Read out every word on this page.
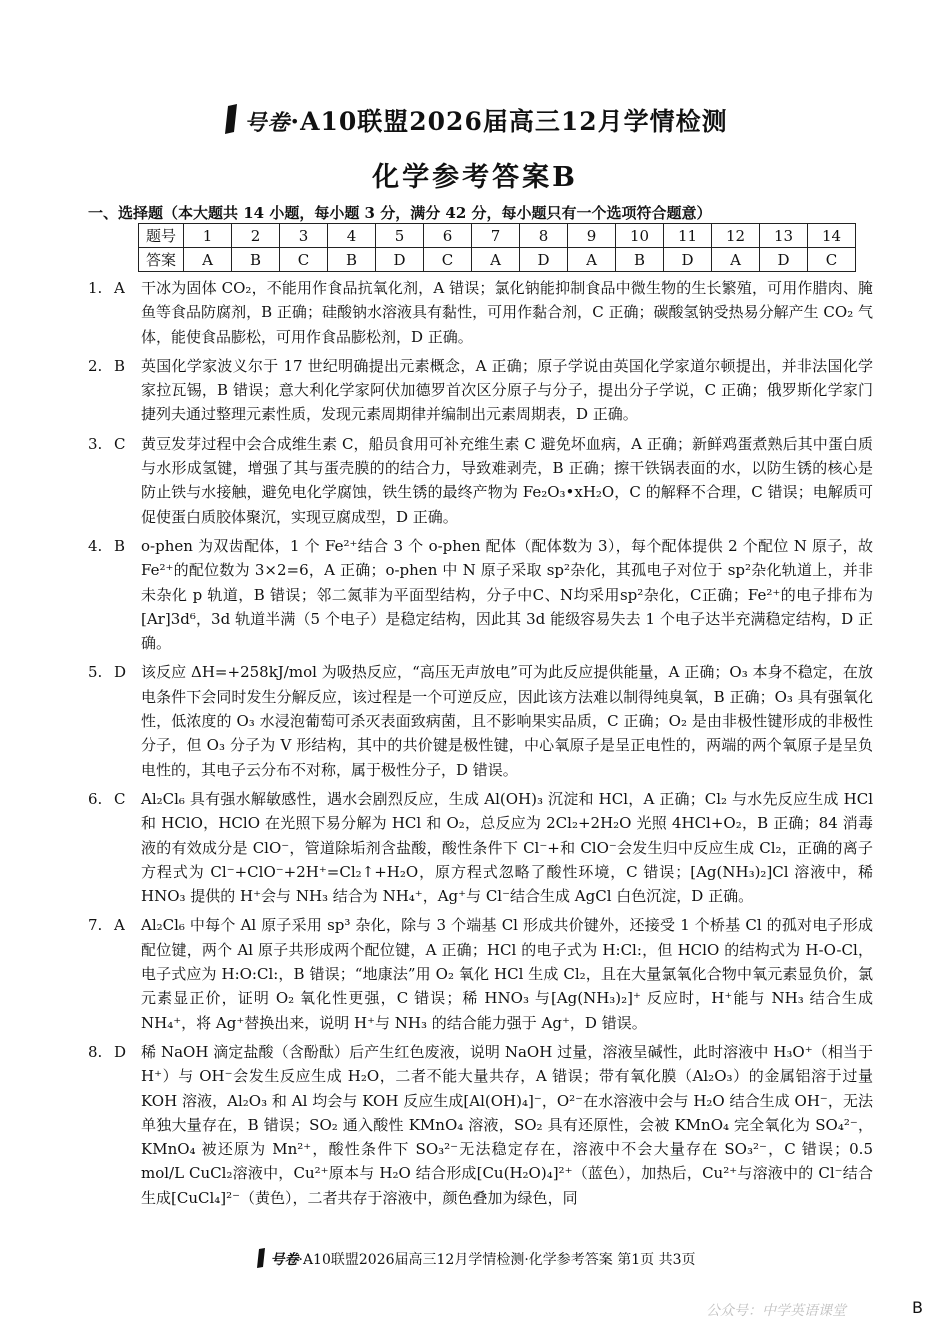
号卷·A10联盟2026届高三12月学情检测
化学参考答案B
一、选择题（本大题共 14 小题，每小题 3 分，满分 42 分，每小题只有一个选项符合题意）
题号	1	2	3	4	5	6	7	8	9	10	11	12	13	14
答案	A	B	C	B	D	C	A	D	A	B	D	A	D	C
1. A 干冰为固体 CO₂，不能用作食品抗氧化剂，A 错误；氯化钠能抑制食品中微生物的生长繁殖，可用作腊肉、腌鱼等食品防腐剂，B 正确；硅酸钠水溶液具有黏性，可用作黏合剂，C 正确；碳酸氢钠受热易分解产生 CO₂ 气体，能使食品膨松，可用作食品膨松剂，D 正确。
2. B 英国化学家波义尔于 17 世纪明确提出元素概念，A 正确；原子学说由英国化学家道尔顿提出，并非法国化学家拉瓦锡，B 错误；意大利化学家阿伏加德罗首次区分原子与分子，提出分子学说，C 正确；俄罗斯化学家门捷列夫通过整理元素性质，发现元素周期律并编制出元素周期表，D 正确。
3. C 黄豆发芽过程中会合成维生素 C，船员食用可补充维生素 C 避免坏血病，A 正确；新鲜鸡蛋煮熟后其中蛋白质与水形成氢键，增强了其与蛋壳膜的的结合力，导致难剥壳，B 正确；擦干铁锅表面的水，以防生锈的核心是防止铁与水接触，避免电化学腐蚀，铁生锈的最终产物为 Fe₂O₃•xH₂O，C 的解释不合理，C 错误；电解质可促使蛋白质胶体聚沉，实现豆腐成型，D 正确。
4. B o-phen 为双齿配体，1 个 Fe²⁺结合 3 个 o-phen 配体（配体数为 3），每个配体提供 2 个配位 N 原子，故 Fe²⁺的配位数为 3×2=6，A 正确；o-phen 中 N 原子采取 sp²杂化，其孤电子对位于 sp²杂化轨道上，并非未杂化 p 轨道，B 错误；邻二氮菲为平面型结构，分子中C、N均采用sp²杂化，C正确；Fe²⁺的电子排布为[Ar]3d⁶，3d 轨道半满（5 个电子）是稳定结构，因此其 3d 能级容易失去 1 个电子达半充满稳定结构，D 正确。
5. D 该反应 ΔH=+258kJ/mol 为吸热反应，“高压无声放电”可为此反应提供能量，A 正确；O₃ 本身不稳定，在放电条件下会同时发生分解反应，该过程是一个可逆反应，因此该方法难以制得纯臭氧，B 正确；O₃ 具有强氧化性，低浓度的 O₃ 水浸泡葡萄可杀灭表面致病菌，且不影响果实品质，C 正确；O₂ 是由非极性键形成的非极性分子，但 O₃ 分子为 V 形结构，其中的共价键是极性键，中心氧原子是呈正电性的，两端的两个氧原子是呈负电性的，其电子云分布不对称，属于极性分子，D 错误。
6. C Al₂Cl₆ 具有强水解敏感性，遇水会剧烈反应，生成 Al(OH)₃ 沉淀和 HCl，A 正确；Cl₂ 与水先反应生成 HCl 和 HClO，HClO 在光照下易分解为 HCl 和 O₂，总反应为 2Cl₂+2H₂O 光照 4HCl+O₂，B 正确；84 消毒液的有效成分是 ClO⁻，管道除垢剂含盐酸，酸性条件下 Cl⁻+和 ClO⁻会发生归中反应生成 Cl₂，正确的离子方程式为 Cl⁻+ClO⁻+2H⁺=Cl₂↑+H₂O，原方程式忽略了酸性环境，C 错误；[Ag(NH₃)₂]Cl 溶液中，稀 HNO₃ 提供的 H⁺会与 NH₃ 结合为 NH₄⁺，Ag⁺与 Cl⁻结合生成 AgCl 白色沉淀，D 正确。
7. A Al₂Cl₆ 中每个 Al 原子采用 sp³ 杂化，除与 3 个端基 Cl 形成共价键外，还接受 1 个桥基 Cl 的孤对电子形成配位键，两个 Al 原子共形成两个配位键，A 正确；HCl 的电子式为 H:Cl:，但 HClO 的结构式为 H-O-Cl，电子式应为 H:O:Cl:，B 错误；“地康法”用 O₂ 氧化 HCl 生成 Cl₂，且在大量氯氧化合物中氧元素显负价，氯元素显正价，证明 O₂ 氧化性更强，C 错误；稀 HNO₃ 与[Ag(NH₃)₂]⁺ 反应时，H⁺能与 NH₃ 结合生成 NH₄⁺，将 Ag⁺替换出来，说明 H⁺与 NH₃ 的结合能力强于 Ag⁺，D 错误。
8. D 稀 NaOH 滴定盐酸（含酚酞）后产生红色废液，说明 NaOH 过量，溶液呈碱性，此时溶液中 H₃O⁺（相当于 H⁺）与 OH⁻会发生反应生成 H₂O，二者不能大量共存，A 错误；带有氧化膜（Al₂O₃）的金属铝溶于过量 KOH 溶液，Al₂O₃ 和 Al 均会与 KOH 反应生成[Al(OH)₄]⁻，O²⁻在水溶液中会与 H₂O 结合生成 OH⁻，无法单独大量存在，B 错误；SO₂ 通入酸性 KMnO₄ 溶液，SO₂ 具有还原性，会被 KMnO₄ 完全氧化为 SO₄²⁻，KMnO₄ 被还原为 Mn²⁺，酸性条件下 SO₃²⁻无法稳定存在，溶液中不会大量存在 SO₃²⁻，C 错误；0.5 mol/L CuCl₂溶液中，Cu²⁺原本与 H₂O 结合形成[Cu(H₂O)₄]²⁺（蓝色），加热后，Cu²⁺与溶液中的 Cl⁻结合生成[CuCl₄]²⁻（黄色），二者共存于溶液中，颜色叠加为绿色，同
号卷·A10联盟2026届高三12月学情检测·化学参考答案 第1页 共3页
公众号：中学英语课堂	B
